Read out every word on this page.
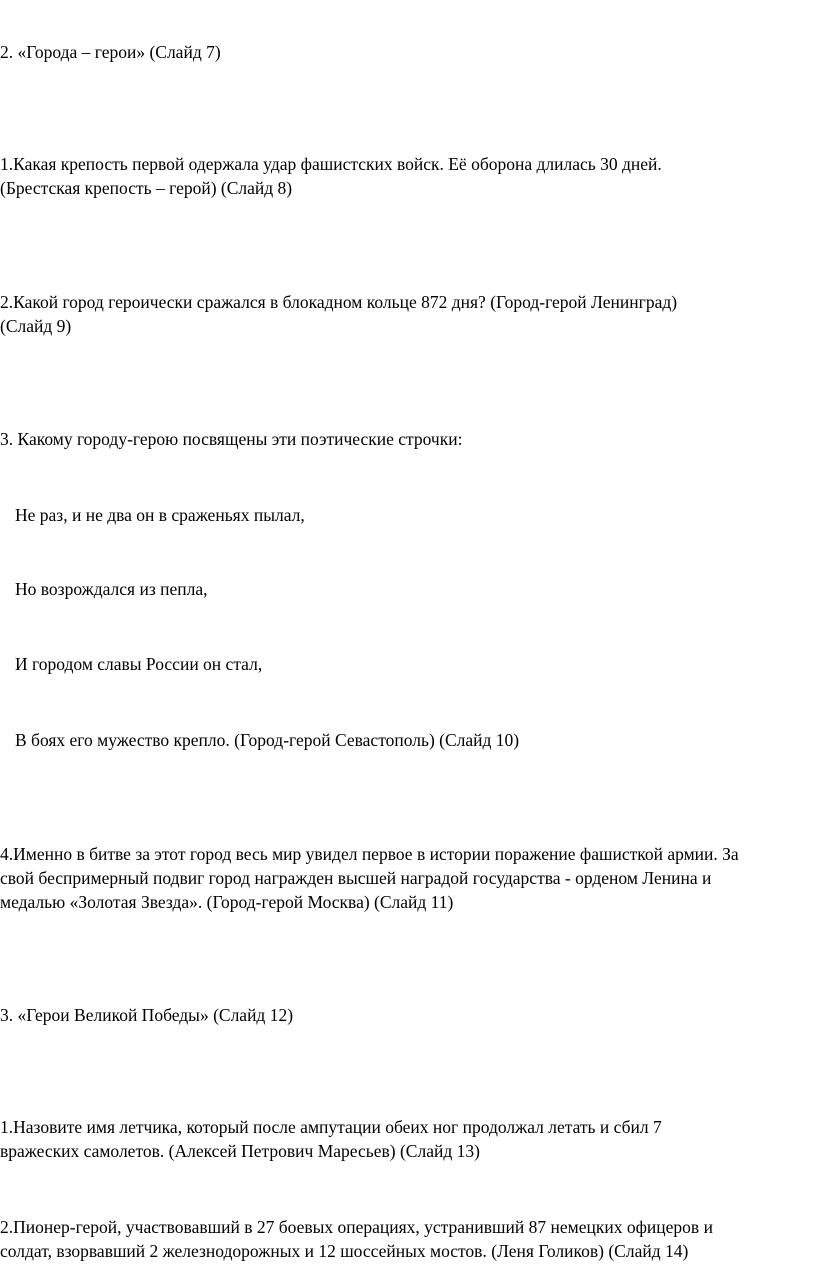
2. «Города – герои» (Слайд 7)
1.Какая крепость первой одержала удар фашистских войск. Её оборона длилась 30 дней.
(Брестская крепость – герой) (Слайд 8)
2.Какой город героически сражался в блокадном кольце 872 дня? (Город-герой Ленинград)
(Слайд 9)
3. Какому городу-герою посвящены эти поэтические строчки:
Не раз, и не два он в сраженьях пылал,
Но возрождался из пепла,
И городом славы России он стал,
В боях его мужество крепло. (Город-герой Севастополь) (Слайд 10)
4.Именно в битве за этот город весь мир увидел первое в истории поражение фашисткой армии. За
свой беспримерный подвиг город награжден высшей наградой государства - орденом Ленина и
медалью «Золотая Звезда». (Город-герой Москва) (Слайд 11)
3. «Герои Великой Победы» (Слайд 12)
1.Назовите имя летчика, который после ампутации обеих ног продолжал летать и сбил 7
вражеских самолетов. (Алексей Петрович Маресьев) (Слайд 13)
2.Пионер-герой, участвовавший в 27 боевых операциях, устранивший 87 немецких офицеров и
солдат, взорвавший 2 железнодорожных и 12 шоссейных мостов. (Леня Голиков) (Слайд 14)
